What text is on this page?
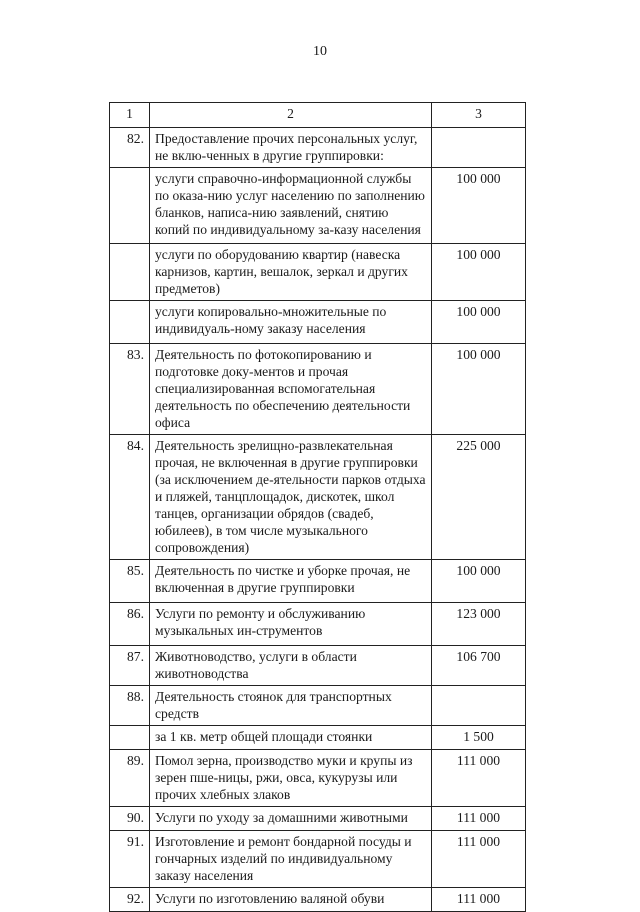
10
1	2	3
82.	Предоставление прочих персональных услуг, не вклю-ченных в другие группировки:	
	услуги справочно-информационной службы по оказа-нию услуг населению по заполнению бланков, написа-нию заявлений, снятию копий по индивидуальному за-казу населения	100 000
	услуги по оборудованию квартир (навеска карнизов, картин, вешалок, зеркал и других предметов)	100 000
	услуги копировально-множительные по индивидуаль-ному заказу населения	100 000
83.	Деятельность по фотокопированию и подготовке доку-ментов и прочая специализированная вспомогательная деятельность по обеспечению деятельности офиса	100 000
84.	Деятельность зрелищно-развлекательная прочая, не включенная в другие группировки (за исключением де-ятельности парков отдыха и пляжей, танцплощадок, дискотек, школ танцев, организации обрядов (свадеб, юбилеев), в том числе музыкального сопровождения)	225 000
85.	Деятельность по чистке и уборке прочая, не включенная в другие группировки	100 000
86.	Услуги по ремонту и обслуживанию музыкальных ин-струментов	123 000
87.	Животноводство, услуги в области животноводства	106 700
88.	Деятельность стоянок для транспортных средств	
	за 1 кв. метр общей площади стоянки	1 500
89.	Помол зерна, производство муки и крупы из зерен пше-ницы, ржи, овса, кукурузы или прочих хлебных злаков	111 000
90.	Услуги по уходу за домашними животными	111 000
91.	Изготовление и ремонт бондарной посуды и гончарных изделий по индивидуальному заказу населения	111 000
92.	Услуги по изготовлению валяной обуви	111 000
